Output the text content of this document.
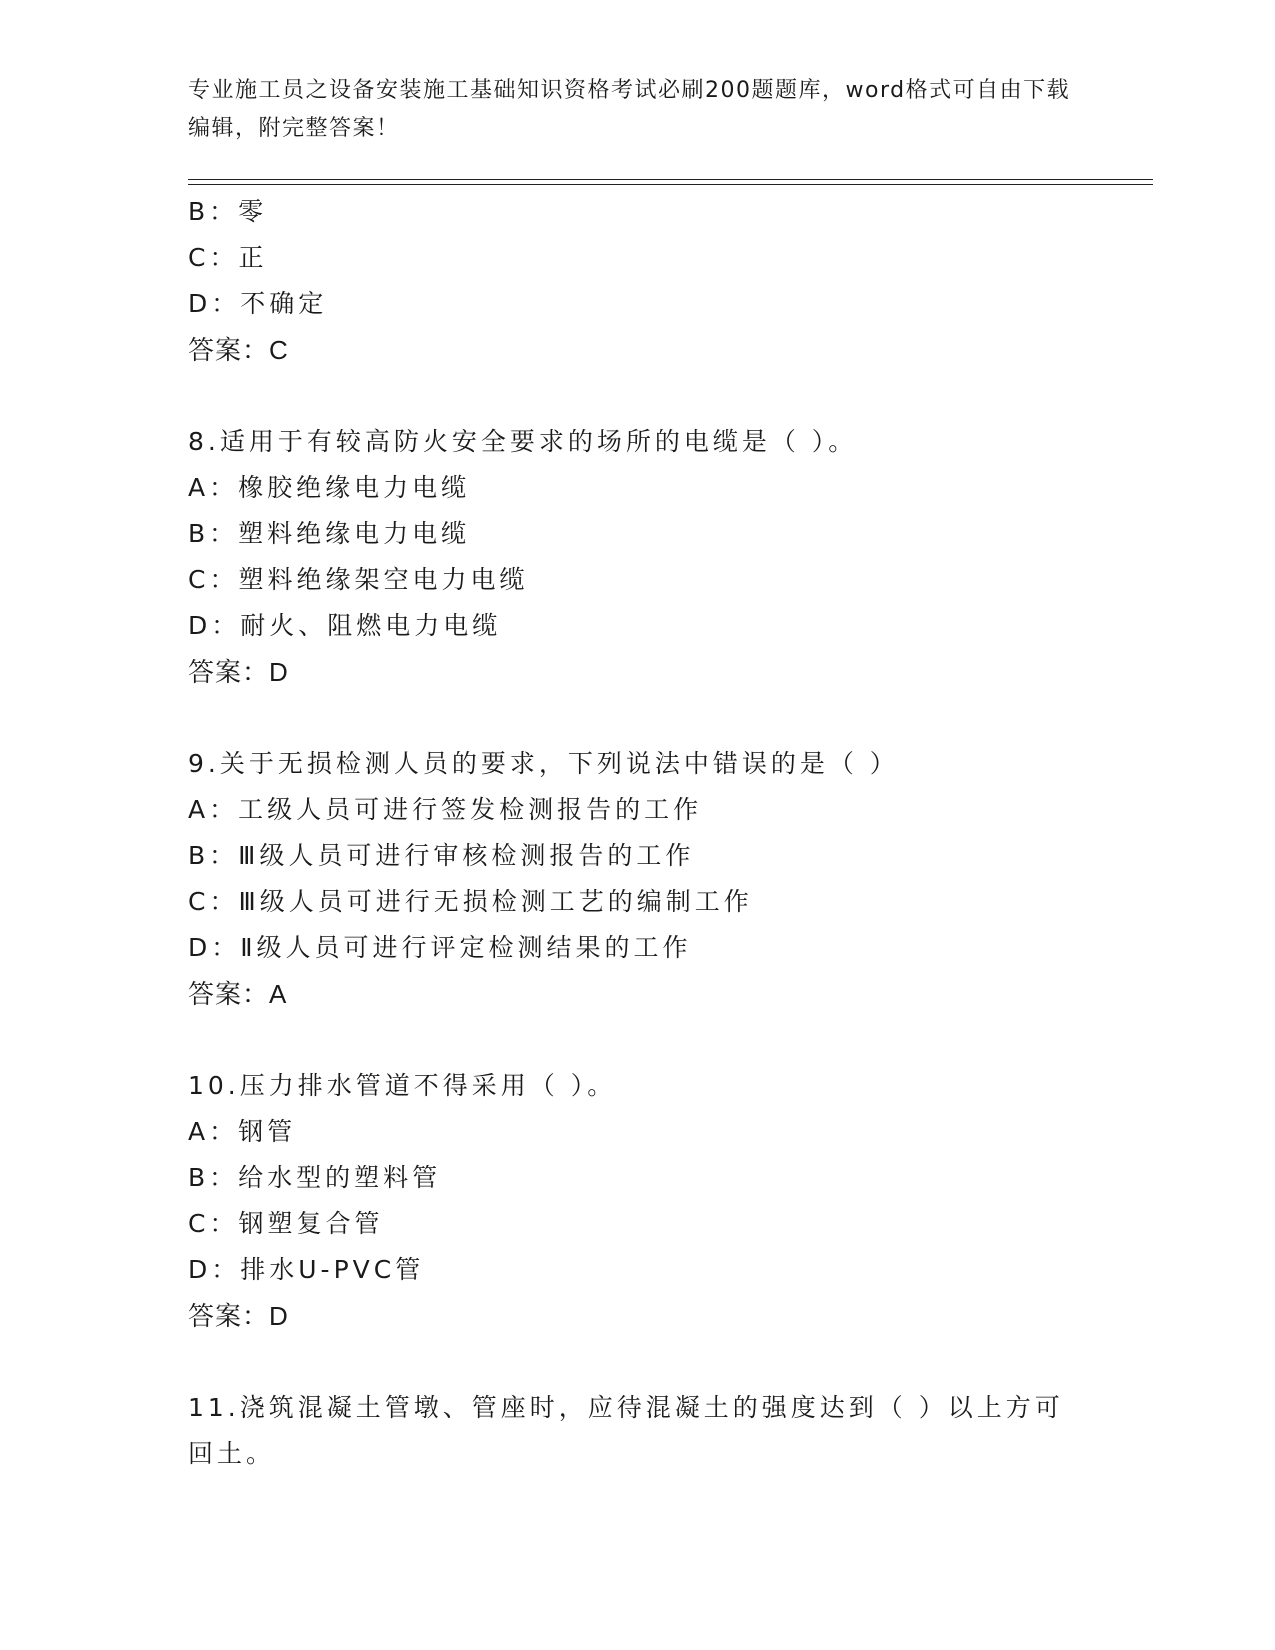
专业施工员之设备安装施工基础知识资格考试必刷200题题库，word格式可自由下载编辑，附完整答案！
B：零
C：正
D：不确定
答案：C
8.适用于有较高防火安全要求的场所的电缆是（ ）。
A：橡胶绝缘电力电缆
B：塑料绝缘电力电缆
C：塑料绝缘架空电力电缆
D：耐火、阻燃电力电缆
答案：D
9.关于无损检测人员的要求，下列说法中错误的是（ ）
A：工级人员可进行签发检测报告的工作
B：Ⅲ级人员可进行审核检测报告的工作
C：Ⅲ级人员可进行无损检测工艺的编制工作
D：Ⅱ级人员可进行评定检测结果的工作
答案：A
10.压力排水管道不得采用（ ）。
A：钢管
B：给水型的塑料管
C：钢塑复合管
D：排水U-PVC管
答案：D
11.浇筑混凝土管墩、管座时，应待混凝土的强度达到（ ）以上方可回土。
